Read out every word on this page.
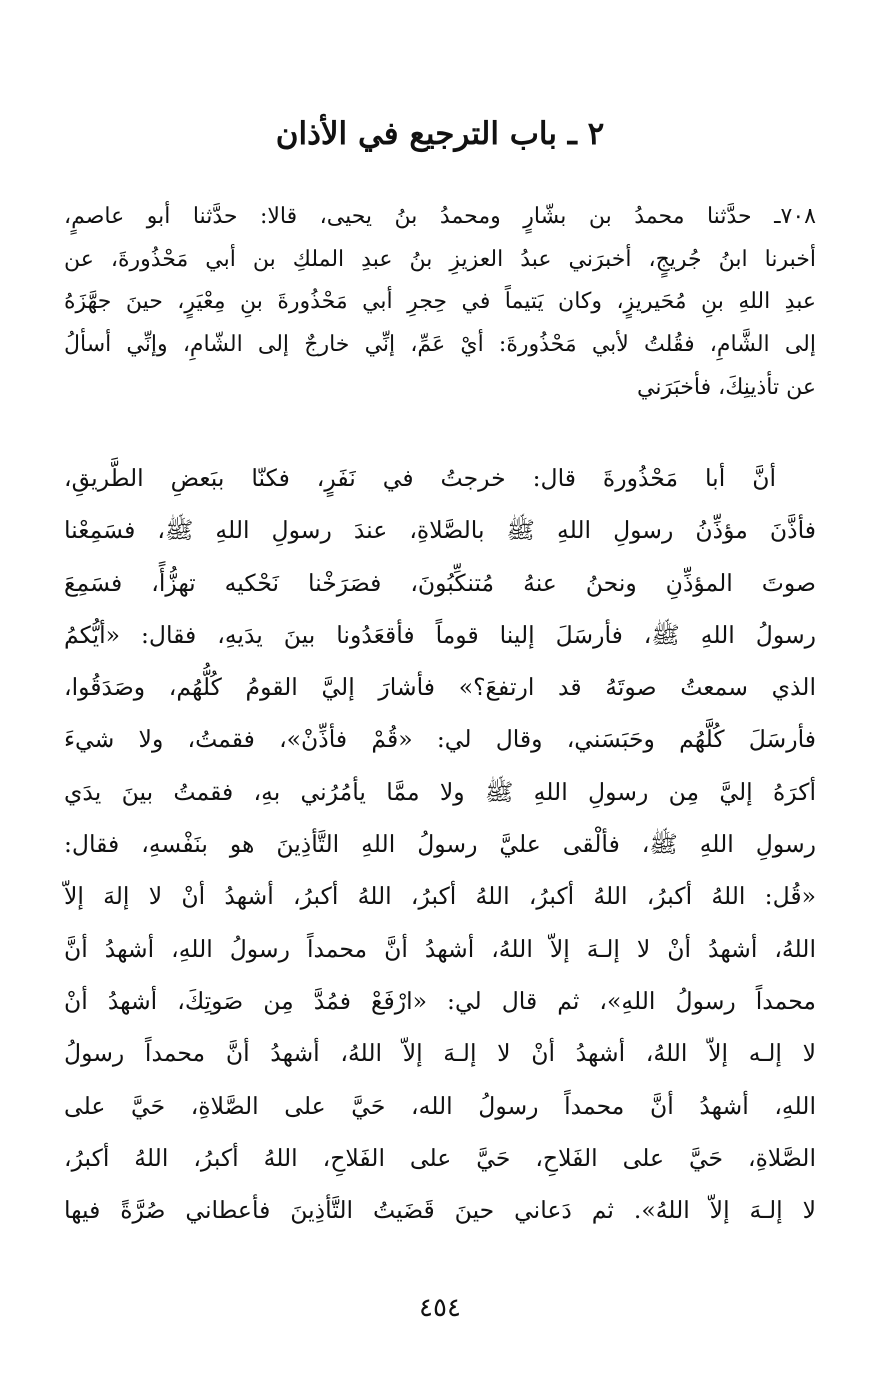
٢ ـ باب الترجيع في الأذان
٧٠٨ـ حدَّثنا محمدُ بن بشّارٍ ومحمدُ بنُ يحيى، قالا: حدَّثنا أبو عاصمٍ،
أخبرنا ابنُ جُريجٍ، أخبرَني عبدُ العزيزِ بنُ عبدِ الملكِ بن أبي مَحْذُورةَ، عن
عبدِ اللهِ بنِ مُحَيريزٍ، وكان يَتيماً في حِجرِ أبي مَحْذُورةَ بنِ مِعْيَرٍ، حينَ جهَّزَهُ
إلى الشَّامِ، فقُلتُ لأبي مَحْذُورةَ: أيْ عَمِّ، إنِّي خارجٌ إلى الشّامِ، وإنِّي أسألُ
عن تأذينِكَ، فأخبَرَني
أنَّ أبا مَحْذُورةَ قال: خرجتُ في نَفَرٍ، فكنّا ببَعضِ الطَّريقِ،
فأذَّنَ مؤذِّنُ رسولِ اللهِ ﷺ بالصَّلاةِ، عندَ رسولِ اللهِ ﷺ، فسَمِعْنا
صوتَ المؤذِّنِ ونحنُ عنهُ مُتنكِّبُونَ، فصَرَخْنا نَحْكيه تهزُّأً، فسَمِعَ
رسولُ اللهِ ﷺ، فأرسَلَ إلينا قوماً فأقعَدُونا بينَ يدَيهِ، فقال: «أيُّكمُ
الذي سمعتُ صوتَهُ قد ارتفعَ؟» فأشارَ إليَّ القومُ كُلُّهُم، وصَدَقُوا،
فأرسَلَ كُلَّهُم وحَبَسَني، وقال لي: «قُمْ فأذِّنْ»، فقمتُ، ولا شيءَ
أكرَهُ إليَّ مِن رسولِ اللهِ ﷺ ولا ممَّا يأمُرُني بهِ، فقمتُ بينَ يدَي
رسولِ اللهِ ﷺ، فألْقى عليَّ رسولُ اللهِ التَّأذِينَ هو بنَفْسهِ، فقال:
«قُل: اللهُ أكبرُ، اللهُ أكبرُ، اللهُ أكبرُ، اللهُ أكبرُ، أشهدُ أنْ لا إلهَ إلاّ
اللهُ، أشهدُ أنْ لا إلـهَ إلاّ اللهُ، أشهدُ أنَّ محمداً رسولُ اللهِ، أشهدُ أنَّ
محمداً رسولُ اللهِ»، ثم قال لي: «ارْفَعْ فمُدَّ مِن صَوتِكَ، أشهدُ أنْ
لا إلـه إلاّ اللهُ، أشهدُ أنْ لا إلـهَ إلاّ اللهُ، أشهدُ أنَّ محمداً رسولُ
اللهِ، أشهدُ أنَّ محمداً رسولُ الله، حَيَّ على الصَّلاةِ، حَيَّ على
الصَّلاةِ، حَيَّ على الفَلاحِ، حَيَّ على الفَلاحِ، اللهُ أكبرُ، اللهُ أكبرُ،
لا إلـهَ إلاّ اللهُ». ثم دَعاني حينَ قَضَيتُ التَّأذِينَ فأعطاني صُرَّةً فيها
٤٥٤
